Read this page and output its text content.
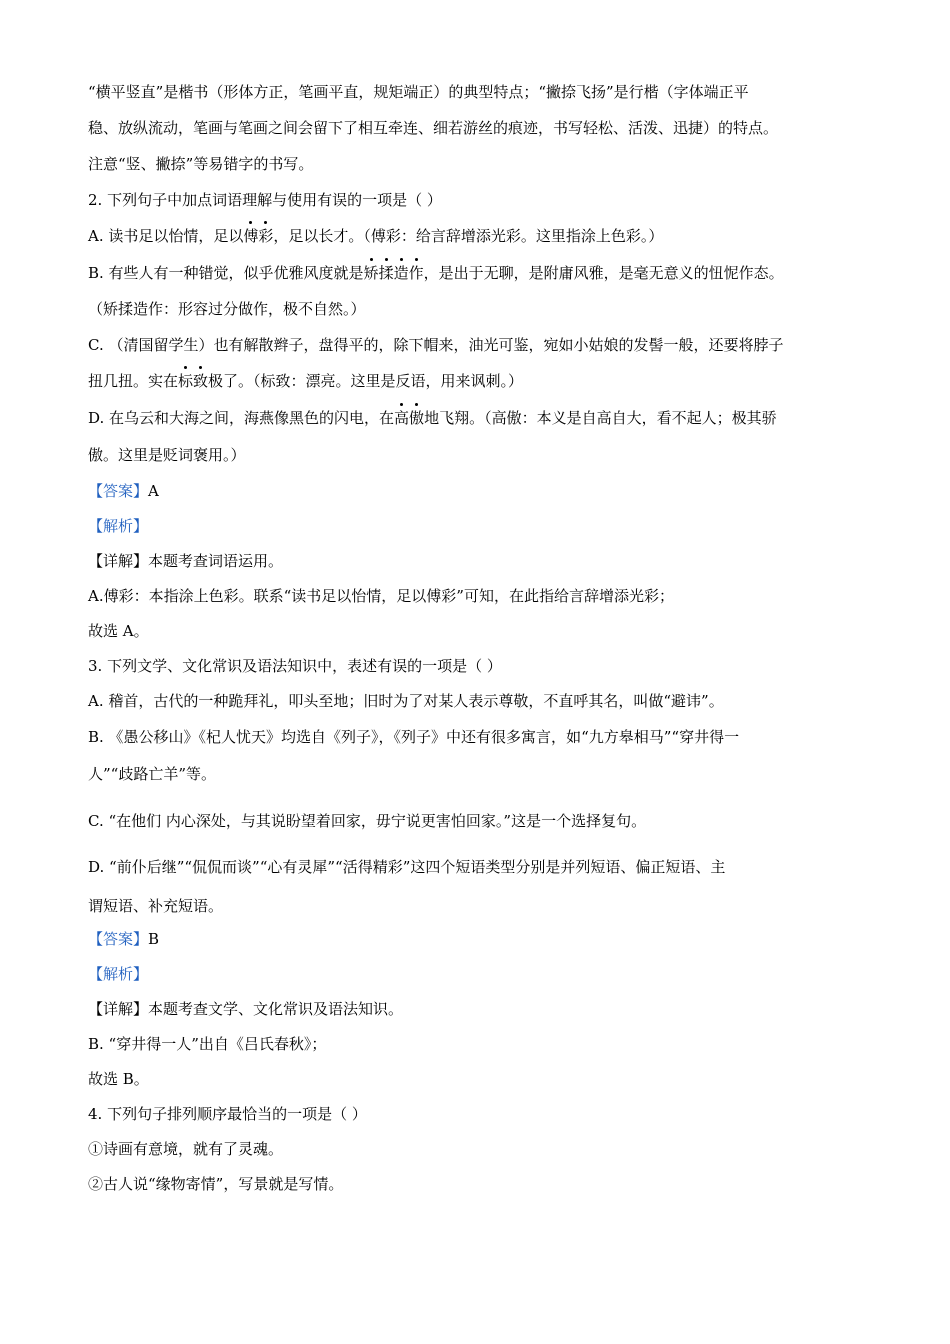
“横平竖直”是楷书（形体方正，笔画平直，规矩端正）的典型特点；“撇捺飞扬”是行楷（字体端正平
稳、放纵流动，笔画与笔画之间会留下了相互牵连、细若游丝的痕迹，书写轻松、活泼、迅捷）的特点。
注意“竖、撇捺”等易错字的书写。
2. 下列句子中加点词语理解与使用有误的一项是（ ）
A. 读书足以怡情，足以傅彩，足以长才。（傅彩：给言辞增添光彩。这里指涂上色彩。）
B. 有些人有一种错觉，似乎优雅风度就是矫揉造作，是出于无聊，是附庸风雅，是毫无意义的忸怩作态。
（矫揉造作：形容过分做作，极不自然。）
C. （清国留学生）也有解散辫子，盘得平的，除下帽来，油光可鉴，宛如小姑娘的发髻一般，还要将脖子
扭几扭。实在标致极了。（标致：漂亮。这里是反语，用来讽刺。）
D. 在乌云和大海之间，海燕像黑色的闪电，在高傲地飞翔。（高傲：本义是自高自大，看不起人；极其骄
傲。这里是贬词褒用。）
【答案】A
【解析】
【详解】本题考查词语运用。
A.傅彩：本指涂上色彩。联系“读书足以怡情，足以傅彩”可知，在此指给言辞增添光彩；
故选 A。
3. 下列文学、文化常识及语法知识中，表述有误的一项是（ ）
A. 稽首，古代的一种跪拜礼，叩头至地；旧时为了对某人表示尊敬，不直呼其名，叫做“避讳”。
B. 《愚公移山》《杞人忧天》均选自《列子》，《列子》中还有很多寓言，如“九方皋相马”“穿井得一
人”“歧路亡羊”等。
C. “在他们 内心深处，与其说盼望着回家，毋宁说更害怕回家。”这是一个选择复句。
D. “前仆后继”“侃侃而谈”“心有灵犀”“活得精彩”这四个短语类型分别是并列短语、偏正短语、主
谓短语、补充短语。
【答案】B
【解析】
【详解】本题考查文学、文化常识及语法知识。
B. “穿井得一人”出自《吕氏春秋》；
故选 B。
4. 下列句子排列顺序最恰当的一项是（ ）
①诗画有意境，就有了灵魂。
②古人说“缘物寄情”，写景就是写情。
